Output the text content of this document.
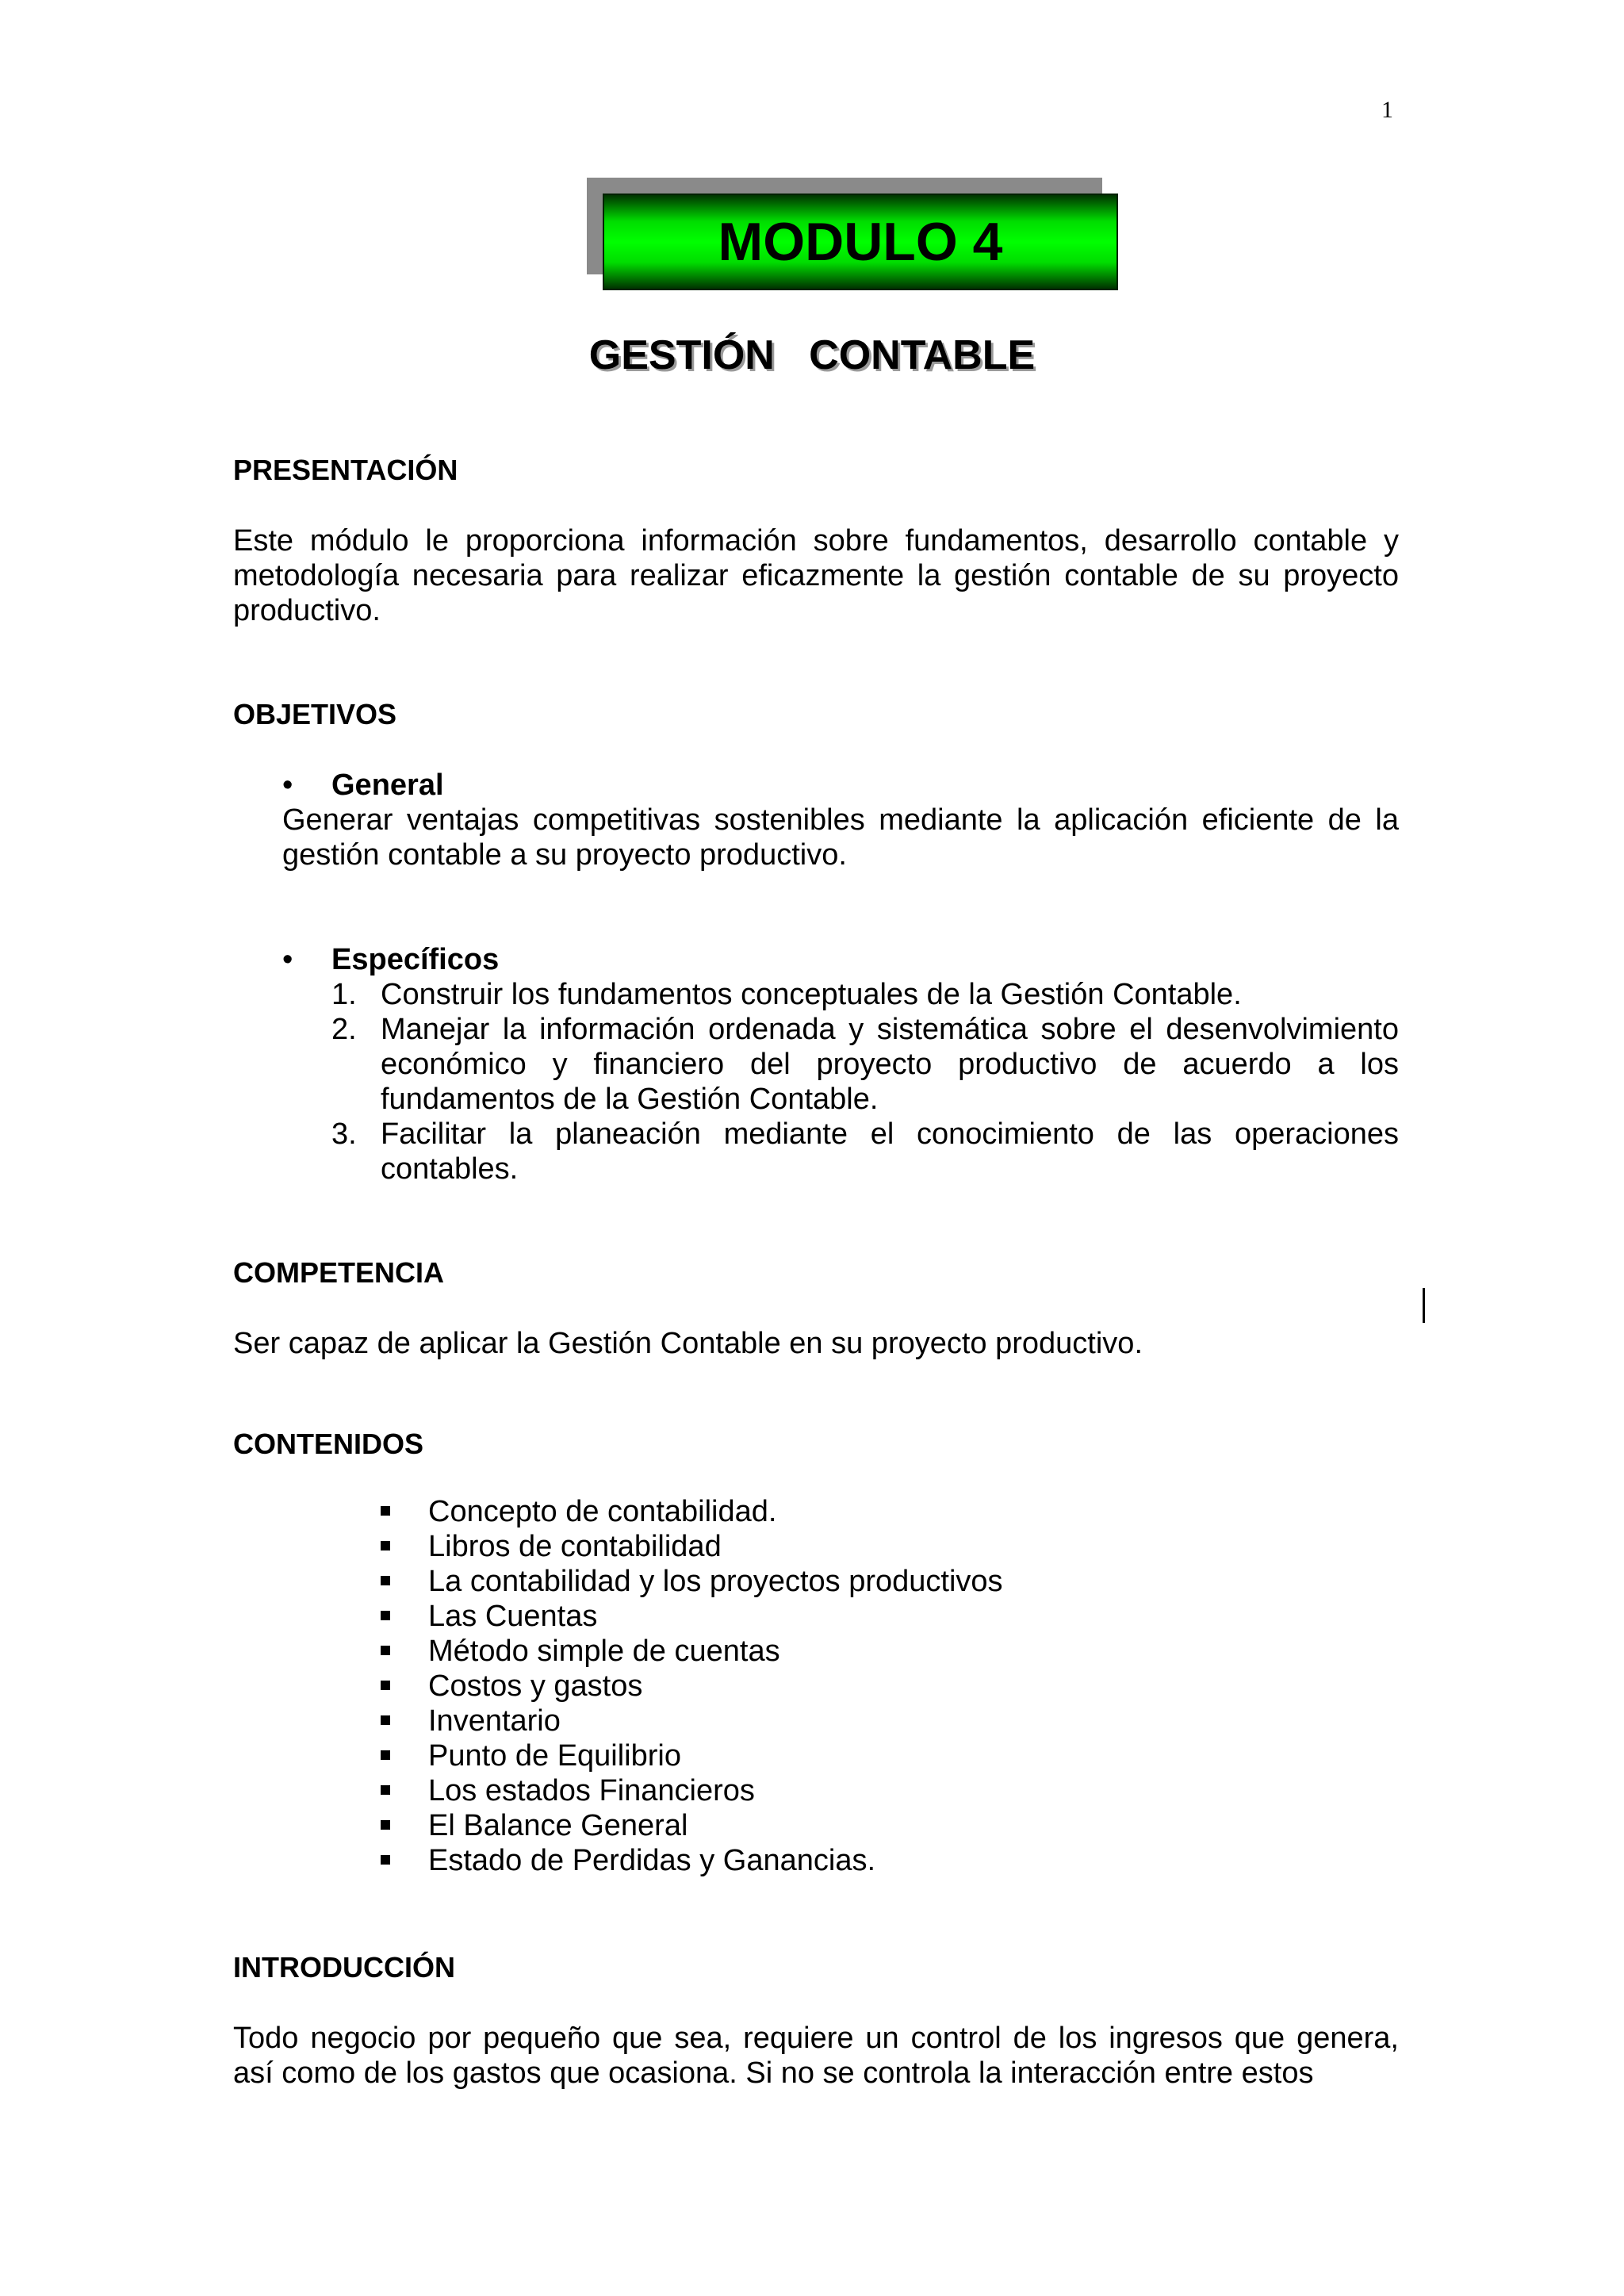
1
MODULO 4
GESTIÓN   CONTABLE
PRESENTACIÓN
Este módulo le proporciona información sobre fundamentos, desarrollo contable y metodología necesaria para realizar eficazmente la gestión contable de su proyecto productivo.
OBJETIVOS
• General
Generar ventajas competitivas sostenibles mediante la aplicación eficiente de la gestión contable a su proyecto productivo.
• Específicos
1. Construir los fundamentos conceptuales de la Gestión Contable.
2. Manejar la información ordenada y sistemática sobre el desenvolvimiento económico y financiero del proyecto productivo de acuerdo a los fundamentos de la Gestión Contable.
3. Facilitar la planeación mediante el conocimiento de las operaciones contables.
COMPETENCIA
Ser capaz de aplicar la Gestión Contable en su proyecto productivo.
CONTENIDOS
Concepto de contabilidad.
Libros de contabilidad
La contabilidad y los proyectos productivos
Las Cuentas
Método simple de cuentas
Costos y gastos
Inventario
Punto de Equilibrio
Los estados Financieros
El Balance General
Estado de Perdidas y Ganancias.
INTRODUCCIÓN
Todo negocio por pequeño que sea, requiere un control de los ingresos que genera, así como de los gastos que ocasiona. Si no se controla la interacción entre estos
